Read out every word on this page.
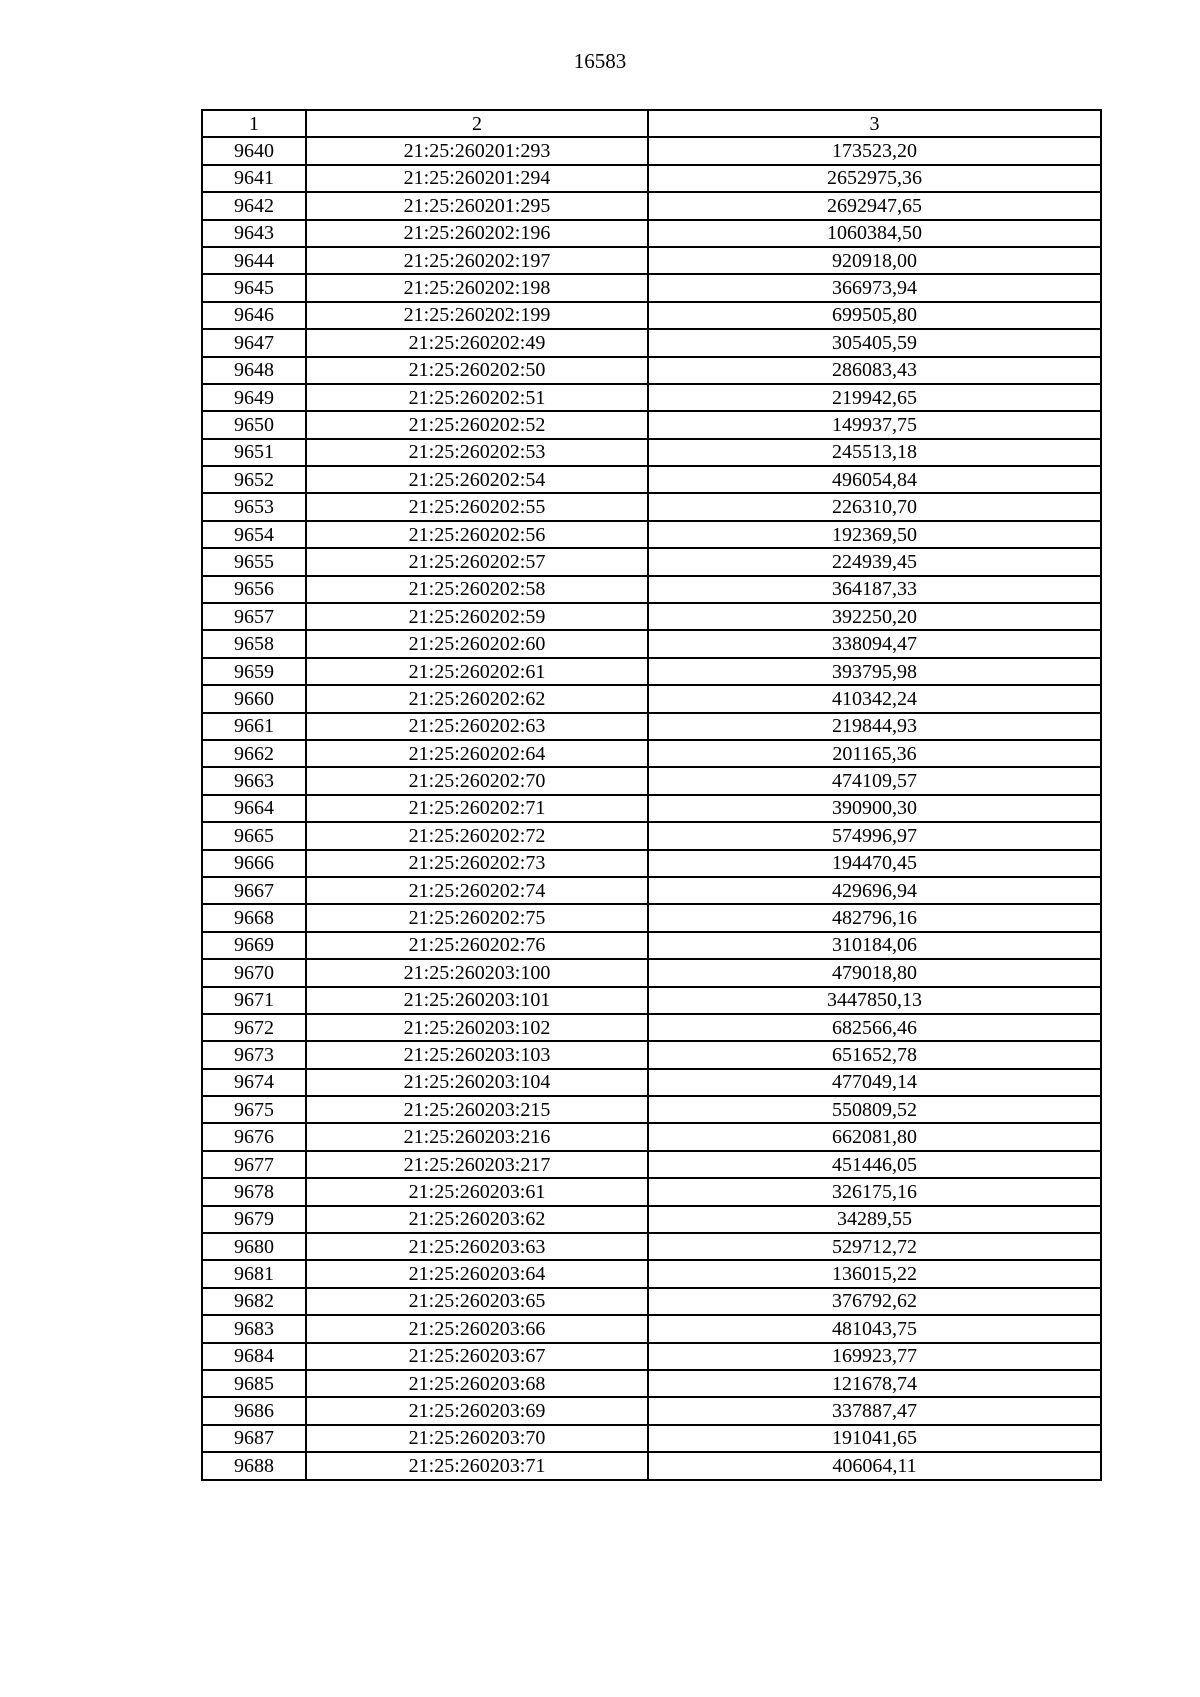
16583
1	2	3
9640	21:25:260201:293	173523,20
9641	21:25:260201:294	2652975,36
9642	21:25:260201:295	2692947,65
9643	21:25:260202:196	1060384,50
9644	21:25:260202:197	920918,00
9645	21:25:260202:198	366973,94
9646	21:25:260202:199	699505,80
9647	21:25:260202:49	305405,59
9648	21:25:260202:50	286083,43
9649	21:25:260202:51	219942,65
9650	21:25:260202:52	149937,75
9651	21:25:260202:53	245513,18
9652	21:25:260202:54	496054,84
9653	21:25:260202:55	226310,70
9654	21:25:260202:56	192369,50
9655	21:25:260202:57	224939,45
9656	21:25:260202:58	364187,33
9657	21:25:260202:59	392250,20
9658	21:25:260202:60	338094,47
9659	21:25:260202:61	393795,98
9660	21:25:260202:62	410342,24
9661	21:25:260202:63	219844,93
9662	21:25:260202:64	201165,36
9663	21:25:260202:70	474109,57
9664	21:25:260202:71	390900,30
9665	21:25:260202:72	574996,97
9666	21:25:260202:73	194470,45
9667	21:25:260202:74	429696,94
9668	21:25:260202:75	482796,16
9669	21:25:260202:76	310184,06
9670	21:25:260203:100	479018,80
9671	21:25:260203:101	3447850,13
9672	21:25:260203:102	682566,46
9673	21:25:260203:103	651652,78
9674	21:25:260203:104	477049,14
9675	21:25:260203:215	550809,52
9676	21:25:260203:216	662081,80
9677	21:25:260203:217	451446,05
9678	21:25:260203:61	326175,16
9679	21:25:260203:62	34289,55
9680	21:25:260203:63	529712,72
9681	21:25:260203:64	136015,22
9682	21:25:260203:65	376792,62
9683	21:25:260203:66	481043,75
9684	21:25:260203:67	169923,77
9685	21:25:260203:68	121678,74
9686	21:25:260203:69	337887,47
9687	21:25:260203:70	191041,65
9688	21:25:260203:71	406064,11
